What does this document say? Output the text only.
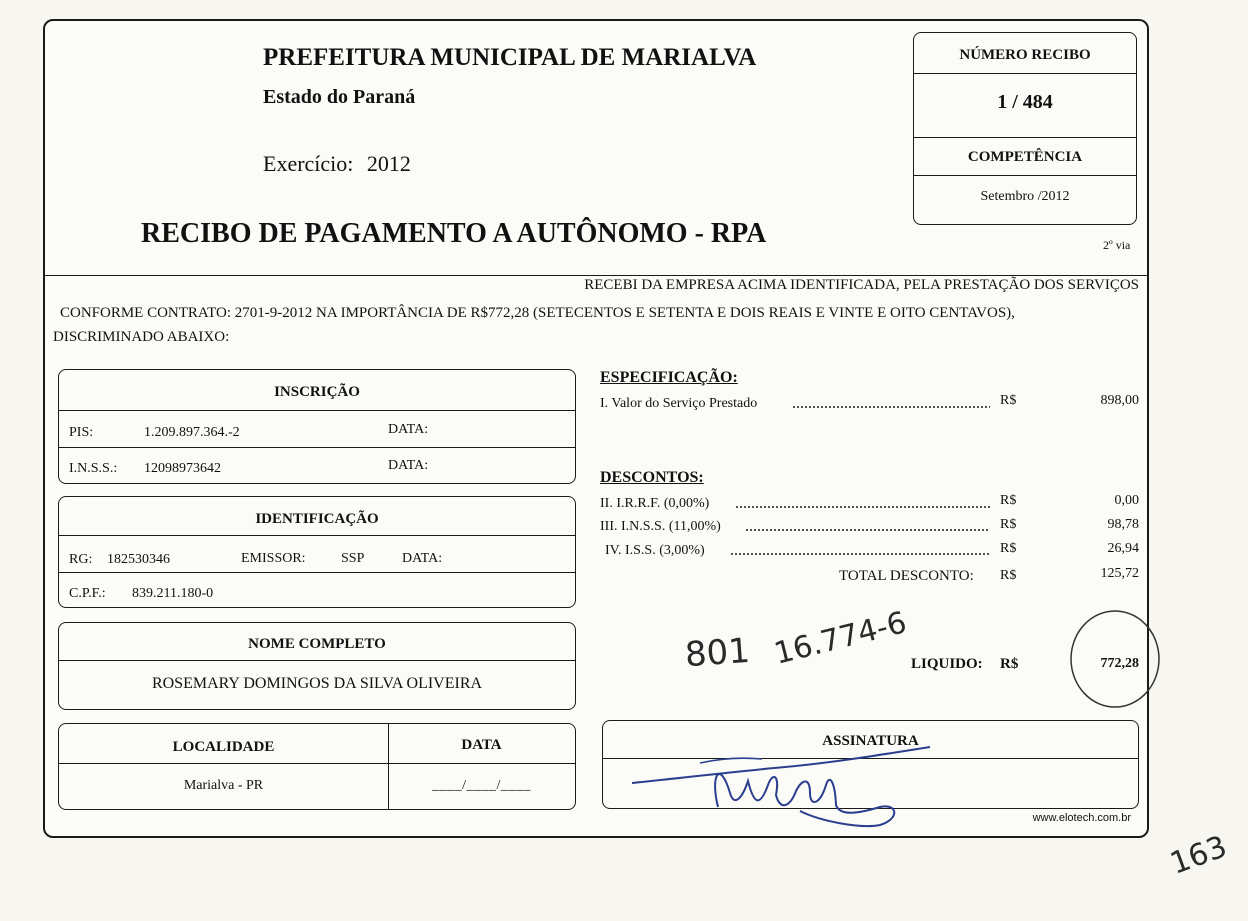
PREFEITURA MUNICIPAL DE MARIALVA
Estado do Paraná
Exercício: 2012
RECIBO DE PAGAMENTO A AUTÔNOMO - RPA
NÚMERO RECIBO
1 / 484
COMPETÊNCIA
Setembro /2012
2º via
RECEBI DA EMPRESA ACIMA IDENTIFICADA, PELA PRESTAÇÃO DOS SERVIÇOS
CONFORME CONTRATO: 2701-9-2012 NA IMPORTÂNCIA DE R$772,28 (SETECENTOS E SETENTA E DOIS REAIS E VINTE E OITO CENTAVOS),
DISCRIMINADO ABAIXO:
INSCRIÇÃO
PIS:	1.209.897.364.-2	DATA:
I.N.S.S.: 12098973642	DATA:
IDENTIFICAÇÃO
RG: 182530346	EMISSOR:	SSP	DATA:
C.P.F.: 839.211.180-0
NOME COMPLETO
ROSEMARY DOMINGOS DA SILVA OLIVEIRA
LOCALIDADE	DATA
Marialva - PR	____/____/____
ESPECIFICAÇÃO:
I. Valor do Serviço Prestado	R$	898,00
DESCONTOS:
II. I.R.R.F. (0,00%)	R$	0,00
III. I.N.S.S. (11,00%)	R$	98,78
IV. I.S.S. (3,00%)	R$	26,94
TOTAL DESCONTO: R$	125,72
LIQUIDO: R$	772,28
ASSINATURA
www.elotech.com.br
801 16.774-6
163
